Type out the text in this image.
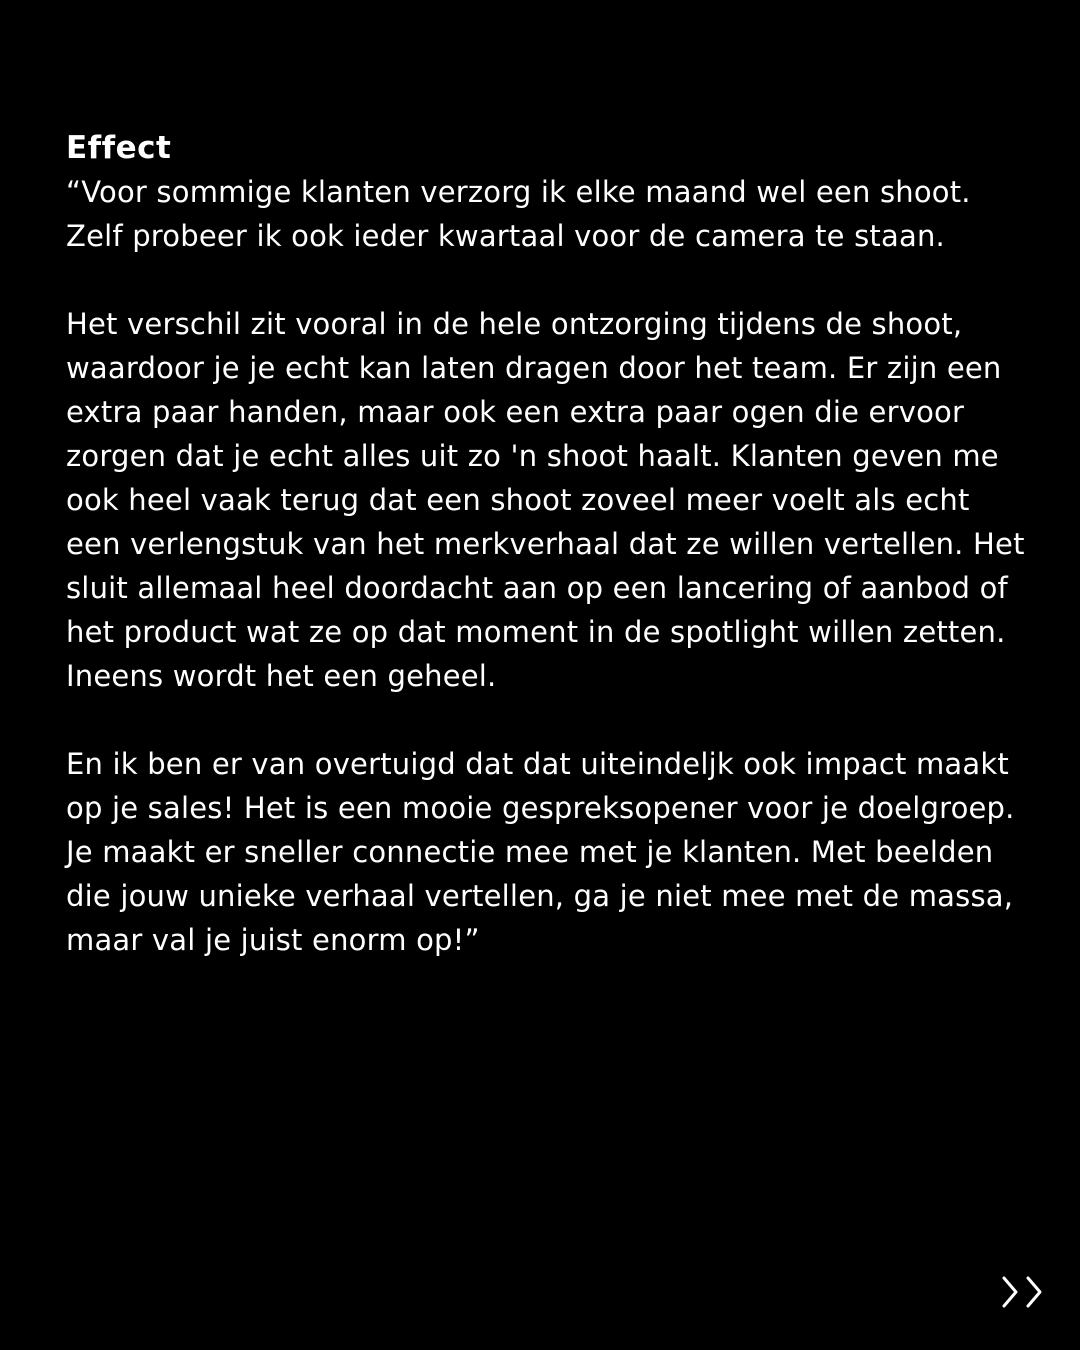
Effect

“Voor sommige klanten verzorg ik elke maand wel een shoot. Zelf probeer ik ook ieder kwartaal voor de camera te staan.

Het verschil zit vooral in de hele ontzorging tijdens de shoot, waardoor je je echt kan laten dragen door het team. Er zijn een extra paar handen, maar ook een extra paar ogen die ervoor zorgen dat je echt alles uit zo 'n shoot haalt. Klanten geven me ook heel vaak terug dat een shoot zoveel meer voelt als echt een verlengstuk van het merkverhaal dat ze willen vertellen. Het sluit allemaal heel doordacht aan op een lancering of aanbod of het product wat ze op dat moment in de spotlight willen zetten. Ineens wordt het een geheel.

En ik ben er van overtuigd dat dat uiteindeljk ook impact maakt op je sales! Het is een mooie gespreksopener voor je doelgroep. Je maakt er sneller connectie mee met je klanten. Met beelden die jouw unieke verhaal vertellen, ga je niet mee met de massa, maar val je juist enorm op!”
